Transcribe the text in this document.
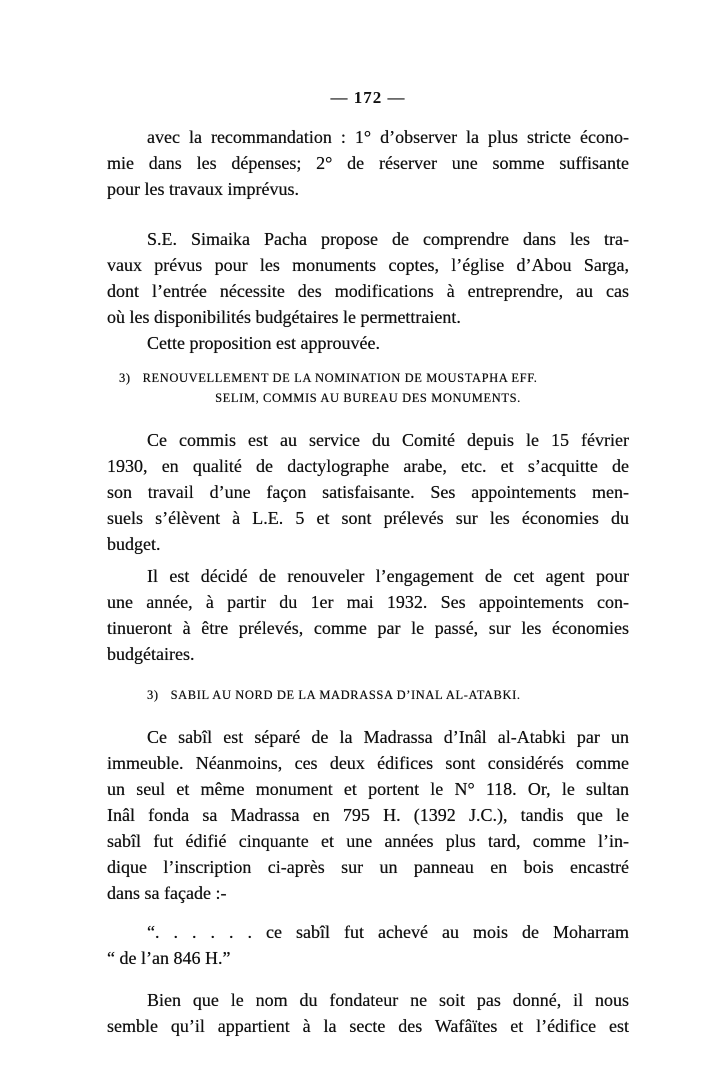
— 172 —
avec la recommandation : 1° d’observer la plus stricte écono-
mie dans les dépenses; 2° de réserver une somme suffisante
pour les travaux imprévus.
S.E. Simaika Pacha propose de comprendre dans les tra-
vaux prévus pour les monuments coptes, l’église d’Abou Sarga,
dont l’entrée nécessite des modifications à entreprendre, au cas
où les disponibilités budgétaires le permettraient.
Cette proposition est approuvée.
3) RENOUVELLEMENT DE LA NOMINATION DE MOUSTAPHA EFF.
SELIM, COMMIS AU BUREAU DES MONUMENTS.
Ce commis est au service du Comité depuis le 15 février
1930, en qualité de dactylographe arabe, etc. et s’acquitte de
son travail d’une façon satisfaisante. Ses appointements men-
suels s’élèvent à L.E. 5 et sont prélevés sur les économies du
budget.
Il est décidé de renouveler l’engagement de cet agent pour
une année, à partir du 1er mai 1932. Ses appointements con-
tinueront à être prélevés, comme par le passé, sur les économies
budgétaires.
3) SABIL AU NORD DE LA MADRASSA D’INAL AL-ATABKI.
Ce sabîl est séparé de la Madrassa d’Inâl al-Atabki par un
immeuble. Néanmoins, ces deux édifices sont considérés comme
un seul et même monument et portent le N° 118. Or, le sultan
Inâl fonda sa Madrassa en 795 H. (1392 J.C.), tandis que le
sabîl fut édifié cinquante et une années plus tard, comme l’in-
dique l’inscription ci-après sur un panneau en bois encastré
dans sa façade :-
“. . . . . . ce sabîl fut achevé au mois de Moharram
“ de l’an 846 H.”
Bien que le nom du fondateur ne soit pas donné, il nous
semble qu’il appartient à la secte des Wafâïtes et l’édifice est
